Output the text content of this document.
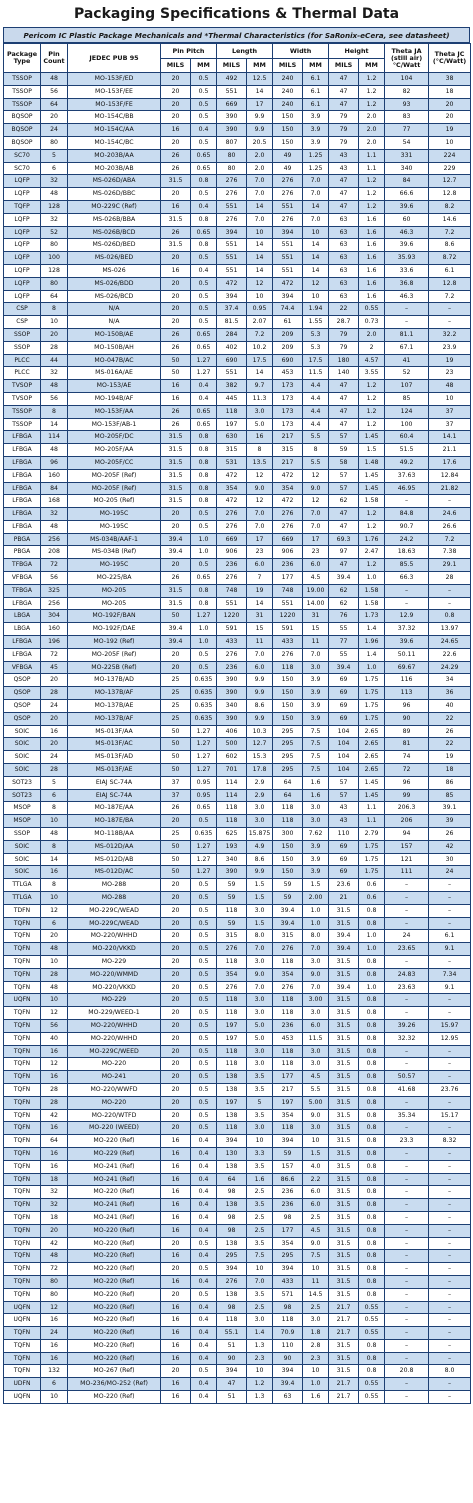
Packaging Specifications & Thermal Data
Pericom IC Plastic Package Mechanicals and *Thermal Characteristics (for SaRonix-eCera, see datasheet)
Package Type	Pin Count	JEDEC PUB 95	Pin Pitch		Length		Width		Height		Theta JA (still air) °C/Watt	Theta JC (°C/Watt)
			MILS	MM	MILS	MM	MILS	MM	MILS	MM		
TSSOP	48	MO-153F/ED	20	0.5	492	12.5	240	6.1	47	1.2	104	38
TSSOP	56	MO-153F/EE	20	0.5	551	14	240	6.1	47	1.2	82	18
TSSOP	64	MO-153F/FE	20	0.5	669	17	240	6.1	47	1.2	93	20
BQSOP	20	MO-154C/BB	20	0.5	390	9.9	150	3.9	79	2.0	83	20
BQSOP	24	MO-154C/AA	16	0.4	390	9.9	150	3.9	79	2.0	77	19
BQSOP	80	MO-154C/BC	20	0.5	807	20.5	150	3.9	79	2.0	54	10
SC70	5	MO-203B/AA	26	0.65	80	2.0	49	1.25	43	1.1	331	224
SC70	6	MO-203B/AB	26	0.65	80	2.0	49	1.25	43	1.1	340	229
LQFP	32	MS-026D/ABA	31.5	0.8	276	7.0	276	7.0	47	1.2	84	12.7
LQFP	48	MS-026D/BBC	20	0.5	276	7.0	276	7.0	47	1.2	66.6	12.8
TQFP	128	MO-229C (Ref)	16	0.4	551	14	551	14	47	1.2	39.6	8.2
LQFP	32	MS-026B/BBA	31.5	0.8	276	7.0	276	7.0	63	1.6	60	14.6
LQFP	52	MS-026B/BCD	26	0.65	394	10	394	10	63	1.6	46.3	7.2
LQFP	80	MS-026D/BED	31.5	0.8	551	14	551	14	63	1.6	39.6	8.6
LQFP	100	MS-026/BED	20	0.5	551	14	551	14	63	1.6	35.93	8.72
LQFP	128	MS-026	16	0.4	551	14	551	14	63	1.6	33.6	6.1
LQFP	80	MS-026/BDD	20	0.5	472	12	472	12	63	1.6	36.8	12.8
LQFP	64	MS-026/BCD	20	0.5	394	10	394	10	63	1.6	46.3	7.2
CSP	8	N/A	20	0.5	37.4	0.95	74.4	1.94	22	0.55	–	–
CSP	10	N/A	20	0.5	81.5	2.07	61	1.55	28.7	0.73	–	–
SSOP	20	MO-150B/AE	26	0.65	284	7.2	209	5.3	79	2.0	81.1	32.2
SSOP	28	MO-150B/AH	26	0.65	402	10.2	209	5.3	79	2	67.1	23.9
PLCC	44	MO-047B/AC	50	1.27	690	17.5	690	17.5	180	4.57	41	19
PLCC	32	MS-016A/AE	50	1.27	551	14	453	11.5	140	3.55	52	23
TVSOP	48	MO-153/AE	16	0.4	382	9.7	173	4.4	47	1.2	107	48
TVSOP	56	MO-194B/AF	16	0.4	445	11.3	173	4.4	47	1.2	85	10
TSSOP	8	MO-153F/AA	26	0.65	118	3.0	173	4.4	47	1.2	124	37
TSSOP	14	MO-153F/AB-1	26	0.65	197	5.0	173	4.4	47	1.2	100	37
LFBGA	114	MO-205F/DC	31.5	0.8	630	16	217	5.5	57	1.45	60.4	14.1
LFBGA	48	MO-205F/AA	31.5	0.8	315	8	315	8	59	1.5	51.5	21.1
LFBGA	96	MO-205F/CC	31.5	0.8	531	13.5	217	5.5	58	1.48	49.2	17.6
LFBGA	160	MO-205F (Ref)	31.5	0.8	472	12	472	12	57	1.45	37.63	12.84
LFBGA	84	MO-205F (Ref)	31.5	0.8	354	9.0	354	9.0	57	1.45	46.95	21.82
LFBGA	168	MO-205 (Ref)	31.5	0.8	472	12	472	12	62	1.58	–	–
LFBGA	32	MO-195C	20	0.5	276	7.0	276	7.0	47	1.2	84.8	24.6
LFBGA	48	MO-195C	20	0.5	276	7.0	276	7.0	47	1.2	90.7	26.6
PBGA	256	MS-034B/AAF-1	39.4	1.0	669	17	669	17	69.3	1.76	24.2	7.2
PBGA	208	MS-034B (Ref)	39.4	1.0	906	23	906	23	97	2.47	18.63	7.38
TFBGA	72	MO-195C	20	0.5	236	6.0	236	6.0	47	1.2	85.5	29.1
VFBGA	56	MO-225/BA	26	0.65	276	7	177	4.5	39.4	1.0	66.3	28
TFBGA	325	MO-205	31.5	0.8	748	19	748	19.00	62	1.58	–	–
LFBGA	256	MO-205	31.5	0.8	551	14	551	14.00	62	1.58	–	–
LBGA	304	MO-192F/BAN	50	1.27	1220	31	1220	31	76	1.73	12.9	0.8
LBGA	160	MO-192F/DAE	39.4	1.0	591	15	591	15	55	1.4	37.32	13.97
LFBGA	196	MO-192 (Ref)	39.4	1.0	433	11	433	11	77	1.96	39.6	24.65
LFBGA	72	MO-205F (Ref)	20	0.5	276	7.0	276	7.0	55	1.4	50.11	22.6
VFBGA	45	MO-225B (Ref)	20	0.5	236	6.0	118	3.0	39.4	1.0	69.67	24.29
QSOP	20	MO-137B/AD	25	0.635	390	9.9	150	3.9	69	1.75	116	34
QSOP	28	MO-137B/AF	25	0.635	390	9.9	150	3.9	69	1.75	113	36
QSOP	24	MO-137B/AE	25	0.635	340	8.6	150	3.9	69	1.75	96	40
QSOP	20	MO-137B/AF	25	0.635	390	9.9	150	3.9	69	1.75	90	22
SOIC	16	MS-013F/AA	50	1.27	406	10.3	295	7.5	104	2.65	89	26
SOIC	20	MS-013F/AC	50	1.27	500	12.7	295	7.5	104	2.65	81	22
SOIC	24	MS-013F/AD	50	1.27	602	15.3	295	7.5	104	2.65	74	19
SOIC	28	MS-013F/AE	50	1.27	701	17.8	295	7.5	104	2.65	72	18
SOT23	5	EIAJ SC-74A	37	0.95	114	2.9	64	1.6	57	1.45	96	86
SOT23	6	EIAJ SC-74A	37	0.95	114	2.9	64	1.6	57	1.45	99	85
MSOP	8	MO-187E/AA	26	0.65	118	3.0	118	3.0	43	1.1	206.3	39.1
MSOP	10	MO-187E/BA	20	0.5	118	3.0	118	3.0	43	1.1	206	39
SSOP	48	MO-118B/AA	25	0.635	625	15.875	300	7.62	110	2.79	94	26
SOIC	8	MS-012D/AA	50	1.27	193	4.9	150	3.9	69	1.75	157	42
SOIC	14	MS-012D/AB	50	1.27	340	8.6	150	3.9	69	1.75	121	30
SOIC	16	MS-012D/AC	50	1.27	390	9.9	150	3.9	69	1.75	111	24
TTLGA	8	MO-288	20	0.5	59	1.5	59	1.5	23.6	0.6	–	–
TTLGA	10	MO-288	20	0.5	59	1.5	59	2.00	21	0.6	–	–
TDFN	12	MO-229C/WEAD	20	0.5	118	3.0	39.4	1.0	31.5	0.8	–	–
TQFN	6	MO-229C/WEAD	20	0.5	59	1.5	39.4	1.0	31.5	0.8	–	–
TQFN	20	MO-220/WHHD	20	0.5	315	8.0	315	8.0	39.4	1.0	24	6.1
TQFN	48	MO-220/VKKD	20	0.5	276	7.0	276	7.0	39.4	1.0	23.65	9.1
TQFN	10	MO-229	20	0.5	118	3.0	118	3.0	31.5	0.8	–	–
TQFN	28	MO-220/WMMD	20	0.5	354	9.0	354	9.0	31.5	0.8	24.83	7.34
TQFN	48	MO-220/VKKD	20	0.5	276	7.0	276	7.0	39.4	1.0	23.63	9.1
UQFN	10	MO-229	20	0.5	118	3.0	118	3.00	31.5	0.8	–	–
TQFN	12	MO-229/WEED-1	20	0.5	118	3.0	118	3.0	31.5	0.8	–	–
TQFN	56	MO-220/WHHD	20	0.5	197	5.0	236	6.0	31.5	0.8	39.26	15.97
TQFN	40	MO-220/WHHD	20	0.5	197	5.0	453	11.5	31.5	0.8	32.32	12.95
TQFN	16	MO-229C/WEED	20	0.5	118	3.0	118	3.0	31.5	0.8	–	–
TQFN	12	MO-220	20	0.5	118	3.0	118	3.0	31.5	0.8	–	–
TQFN	16	MO-241	20	0.5	138	3.5	177	4.5	31.5	0.8	50.57	–
TQFN	28	MO-220/WWFD	20	0.5	138	3.5	217	5.5	31.5	0.8	41.68	23.76
TQFN	28	MO-220	20	0.5	197	5	197	5.00	31.5	0.8	–	–
TQFN	42	MO-220/WTFD	20	0.5	138	3.5	354	9.0	31.5	0.8	35.34	15.17
TQFN	16	MO-220 (WEED)	20	0.5	118	3.0	118	3.0	31.5	0.8	–	–
TQFN	64	MO-220 (Ref)	16	0.4	394	10	394	10	31.5	0.8	23.3	8.32
TQFN	16	MO-229 (Ref)	16	0.4	130	3.3	59	1.5	31.5	0.8	–	–
TQFN	16	MO-241 (Ref)	16	0.4	138	3.5	157	4.0	31.5	0.8	–	–
TQFN	18	MO-241 (Ref)	16	0.4	64	1.6	86.6	2.2	31.5	0.8	–	–
TQFN	32	MO-220 (Ref)	16	0.4	98	2.5	236	6.0	31.5	0.8	–	–
TQFN	32	MO-241 (Ref)	16	0.4	138	3.5	236	6.0	31.5	0.8	–	–
TQFN	18	MO-241 (Ref)	16	0.4	98	2.5	98	2.5	31.5	0.8	–	–
TQFN	20	MO-220 (Ref)	16	0.4	98	2.5	177	4.5	31.5	0.8	–	–
TQFN	42	MO-220 (Ref)	20	0.5	138	3.5	354	9.0	31.5	0.8	–	–
TQFN	48	MO-220 (Ref)	16	0.4	295	7.5	295	7.5	31.5	0.8	–	–
TQFN	72	MO-220 (Ref)	20	0.5	394	10	394	10	31.5	0.8	–	–
TQFN	80	MO-220 (Ref)	16	0.4	276	7.0	433	11	31.5	0.8	–	–
TQFN	80	MO-220 (Ref)	20	0.5	138	3.5	571	14.5	31.5	0.8	–	–
UQFN	12	MO-220 (Ref)	16	0.4	98	2.5	98	2.5	21.7	0.55	–	–
UQFN	16	MO-220 (Ref)	16	0.4	118	3.0	118	3.0	21.7	0.55	–	–
TQFN	24	MO-220 (Ref)	16	0.4	55.1	1.4	70.9	1.8	21.7	0.55	–	–
TQFN	16	MO-220 (Ref)	16	0.4	51	1.3	110	2.8	31.5	0.8	–	–
TQFN	16	MO-220 (Ref)	16	0.4	90	2.3	90	2.3	31.5	0.8	–	–
TQFN	132	MO-267 (Ref)	20	0.5	394	10	394	10	31.5	0.8	20.8	8.0
UDFN	6	MO-236/MO-252 (Ref)	16	0.4	47	1.2	39.4	1.0	21.7	0.55	–	–
UQFN	10	MO-220 (Ref)	16	0.4	51	1.3	63	1.6	21.7	0.55	–	–
